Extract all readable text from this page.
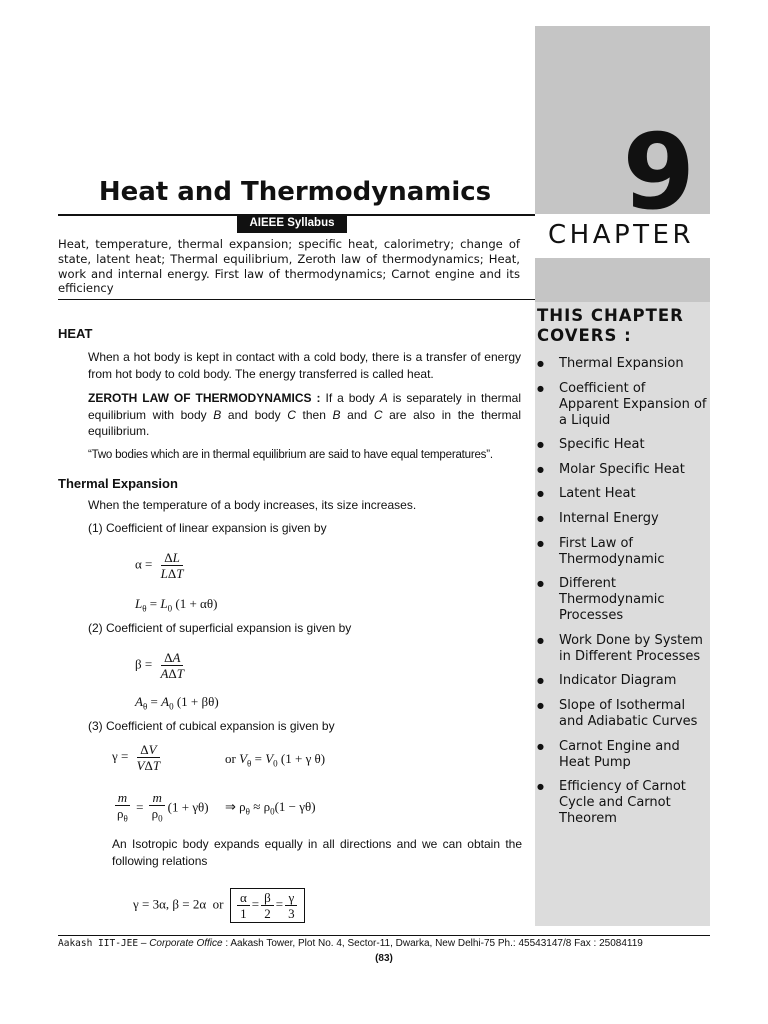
9
CHAPTER
THIS CHAPTER
COVERS :
● Thermal Expansion
● Coefficient of Apparent Expansion of a Liquid
● Specific Heat
● Molar Specific Heat
● Latent Heat
● Internal Energy
● First Law of Thermodynamic
● Different Thermodynamic Processes
● Work Done by System in Different Processes
● Indicator Diagram
● Slope of Isothermal and Adiabatic Curves
● Carnot Engine and Heat Pump
● Efficiency of Carnot Cycle and Carnot Theorem
Heat and Thermodynamics
AIEEE Syllabus
Heat, temperature, thermal expansion; specific heat, calorimetry; change of state, latent heat; Thermal equilibrium, Zeroth law of thermodynamics; Heat, work and internal energy. First law of thermodynamics; Carnot engine and its efficiency
HEAT
When a hot body is kept in contact with a cold body, there is a transfer of energy from hot body to cold body. The energy transferred is called heat.
ZEROTH LAW OF THERMODYNAMICS : If a body A is separately in thermal equilibrium with body B and body C then B and C are also in the thermal equilibrium.
“Two bodies which are in thermal equilibrium are said to have equal temperatures”.
Thermal Expansion
When the temperature of a body increases, its size increases.
(1) Coefficient of linear expansion is given by
$\alpha = \frac{\Delta L}{\text{LΔT}}$
$L_\theta = L_0$ (1 + αθ)
(2) Coefficient of superficial expansion is given by
$\beta = \frac{\Delta A}{\text{AΔT}}$
$A_\theta = A_0$ (1 + βθ)
(3) Coefficient of cubical expansion is given by
$\gamma = \frac{\Delta V}{\text{VΔT}}$	or $V_\theta = V_0$ (1 + γ θ)
$\frac{m}{\rho_\theta} = \frac{m}{\rho_0} (1 + \gamma\theta)$ ⇒ $\rho_\theta \approx \rho_0(1 - \gamma\theta)$
An Isotropic body expands equally in all directions and we can obtain the following relations
γ = 3α, β = 2α  or $\frac{\alpha}{1} = \frac{\beta}{2} = \frac{\gamma}{3}$
Aakash IIT-JEE – Corporate Office : Aakash Tower, Plot No. 4, Sector-11, Dwarka, New Delhi-75 Ph.: 45543147/8 Fax : 25084119
(83)
